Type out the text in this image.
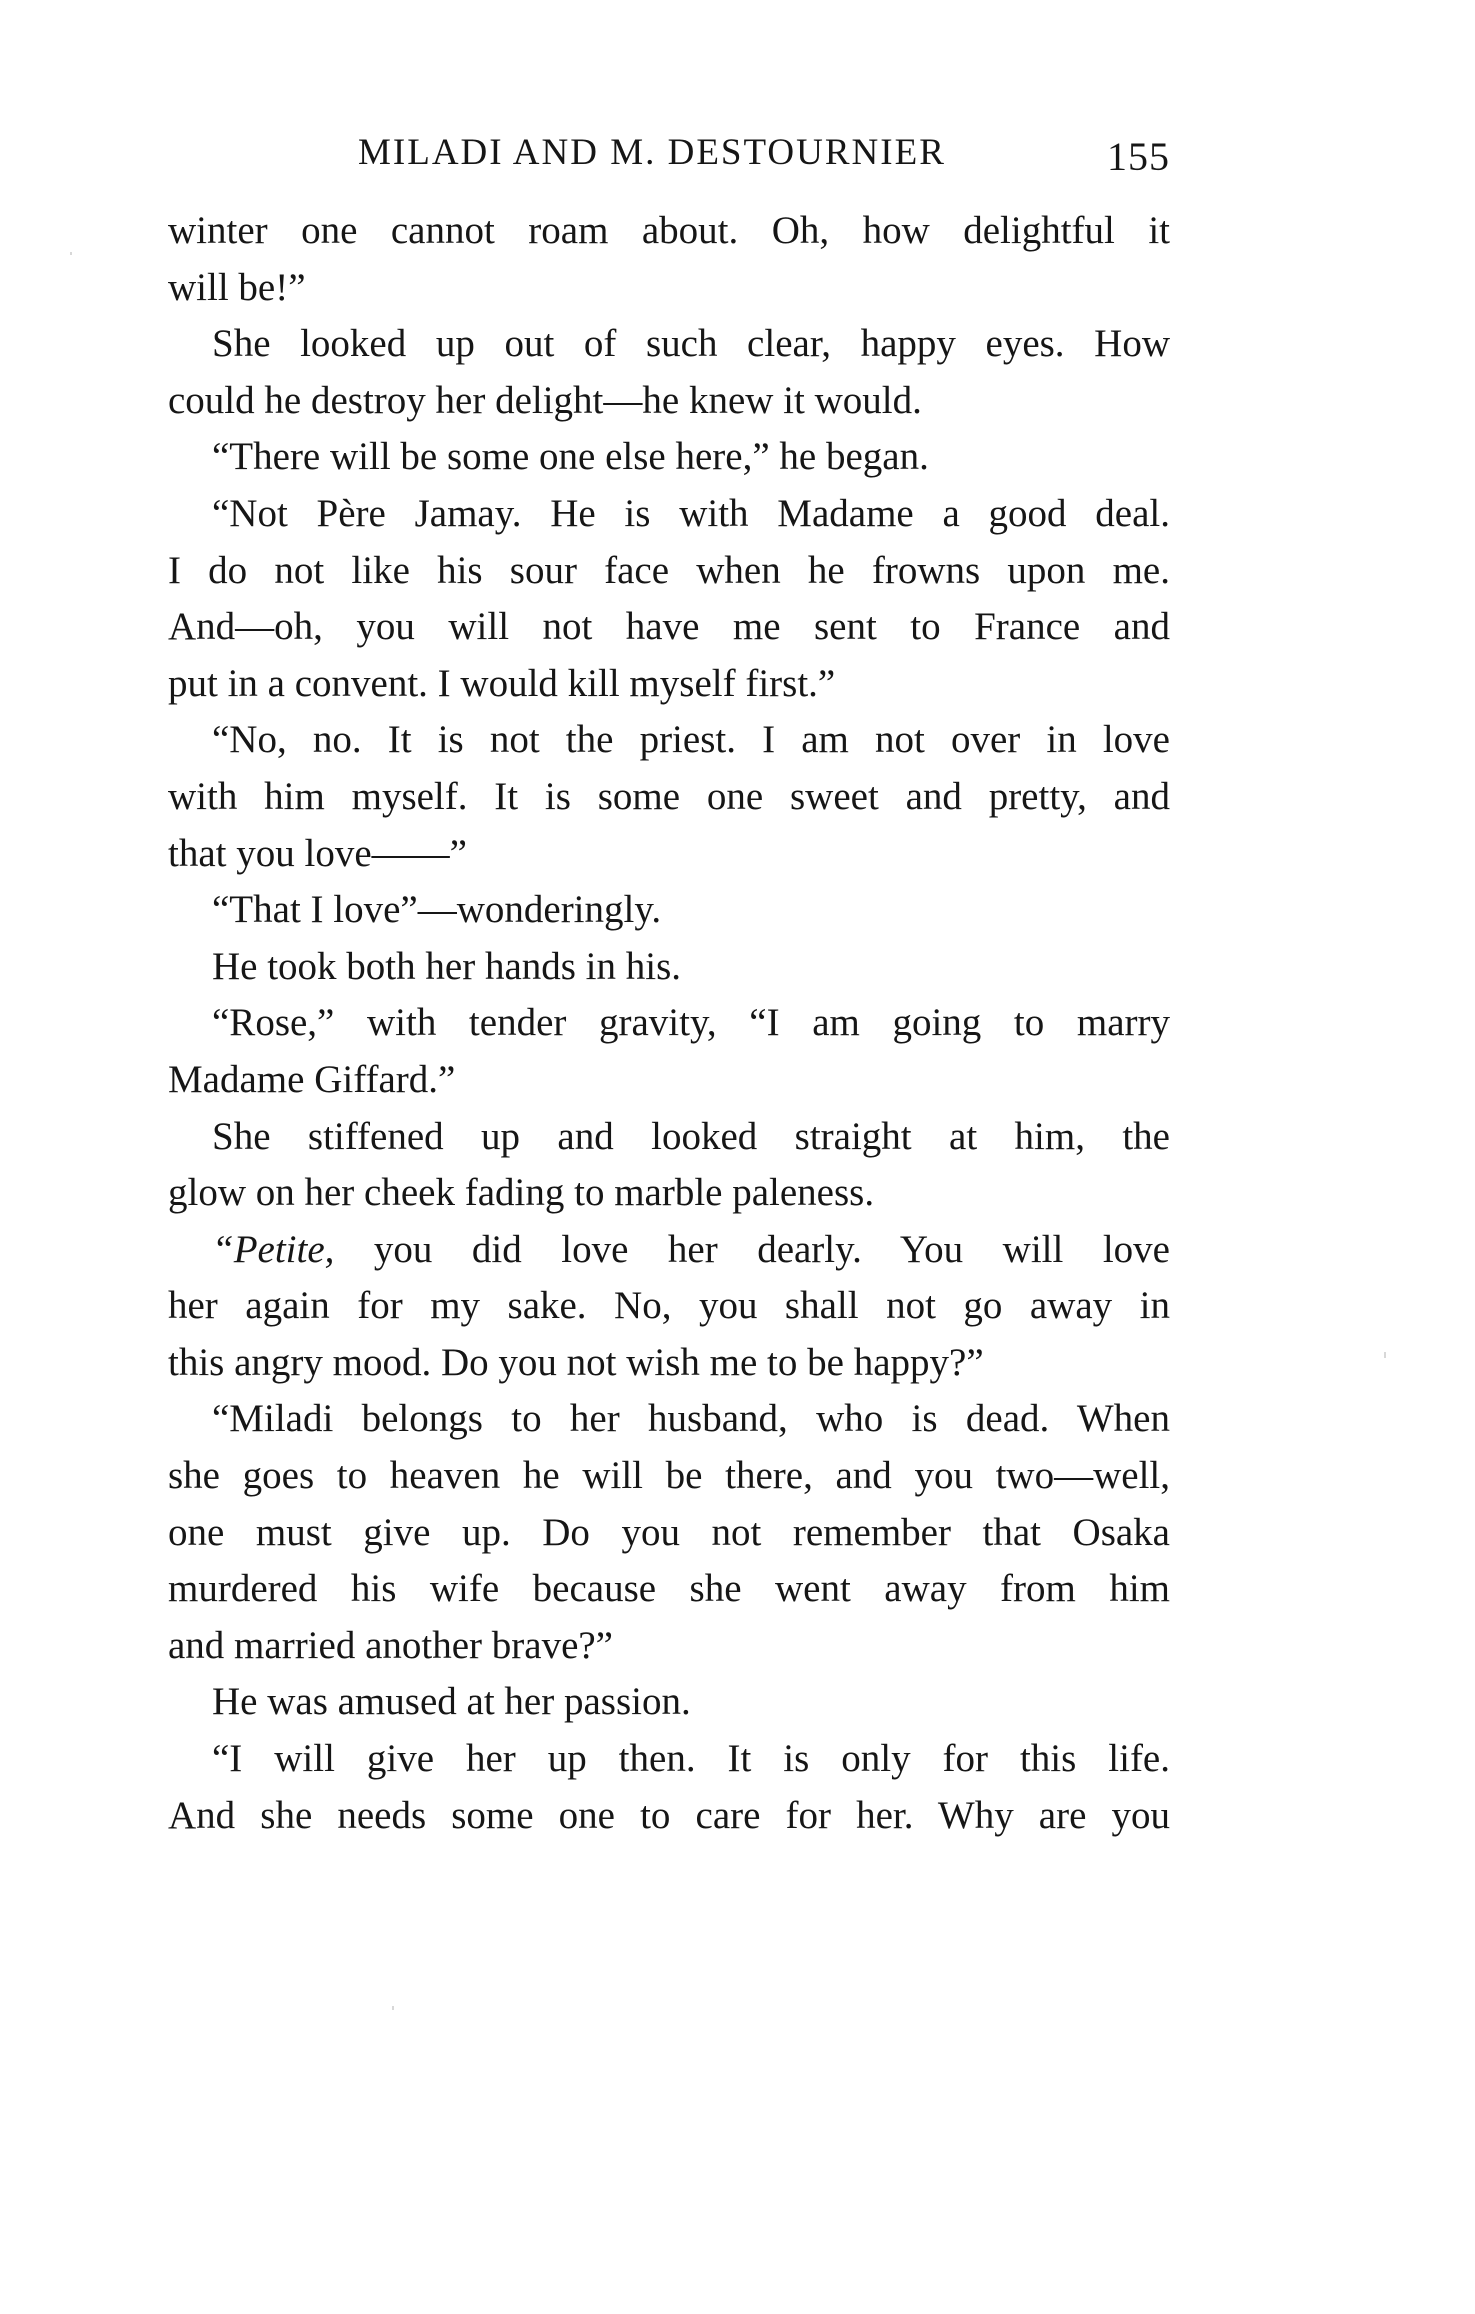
MILADI AND M. DESTOURNIER	155
winter one cannot roam about. Oh, how delightful it
will be!”
She looked up out of such clear, happy eyes. How
could he destroy her delight—he knew it would.
“There will be some one else here,” he began.
“Not Père Jamay. He is with Madame a good deal.
I do not like his sour face when he frowns upon me.
And—oh, you will not have me sent to France and
put in a convent. I would kill myself first.”
“No, no. It is not the priest. I am not over in love
with him myself. It is some one sweet and pretty, and
that you love——”
“That I love”—wonderingly.
He took both her hands in his.
“Rose,” with tender gravity, “I am going to marry
Madame Giffard.”
She stiffened up and looked straight at him, the
glow on her cheek fading to marble paleness.
“Petite, you did love her dearly. You will love
her again for my sake. No, you shall not go away in
this angry mood. Do you not wish me to be happy?”
“Miladi belongs to her husband, who is dead. When
she goes to heaven he will be there, and you two—well,
one must give up. Do you not remember that Osaka
murdered his wife because she went away from him
and married another brave?”
He was amused at her passion.
“I will give her up then. It is only for this life.
And she needs some one to care for her. Why are you
